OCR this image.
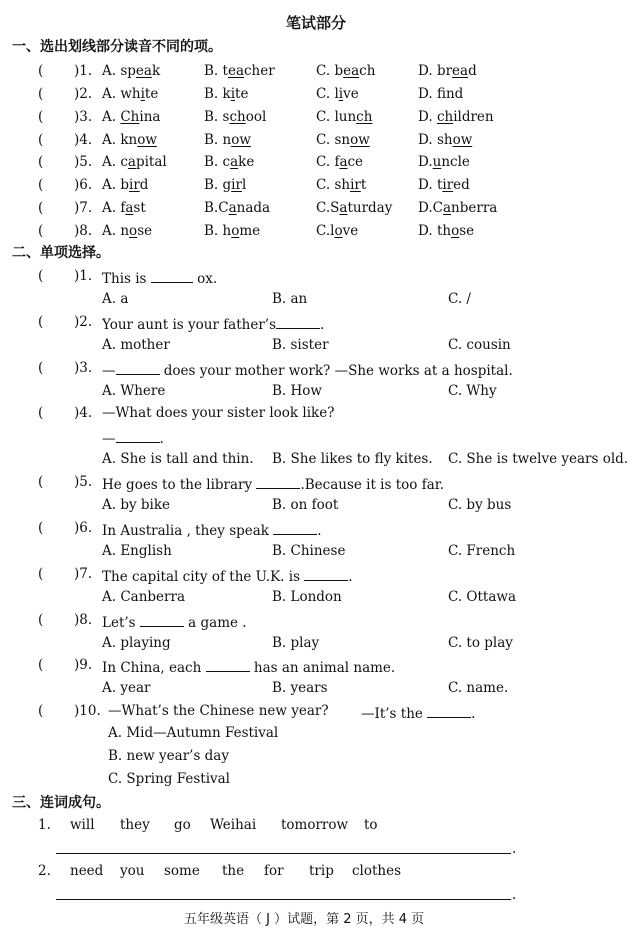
笔试部分
一、选出划线部分读音不同的项。
( )1. A. speak	B. teacher	C. beach	D. bread
( )2. A. white	B. kite	C. live	D. fnd
( )3. A. China	B. school	C. lunch	D. children
( )4. A. know	B. now	C. snow	D. show
( )5. A. capital	B. cake	C. face	D.uncle
( )6. A. bird	B. girl	C. shirt	D. tired
( )7. A. fast	B.Canada	C.Saturday D.Canberra
( )8. A. nose	B. home	C.love	D. those
二、单项选择。
( )1. This is	ox.
A. a	B. an	C. /
( )2. Your aunt is your father’s	.
A. mother	B. sister	C. cousin
( )3. —	does your mother work? —She works at a hospital.
A. Where	B. How	C. Why
( )4. —What does your sister look like?
—	.
A. She is tall and thin. B. She likes to fly kites. C. She is twelve years old.
( )5. He goes to the library	.Because it is too far.
A. by bike	B. on foot	C. by bus
( )6. In Australia , they speak	.
A. English	B. Chinese	C. French
( )7. The capital city of the U.K. is	.
A. Canberra	B. London	C. Ottawa
( )8. Let’s	a game .
A. playing	B. play	C. to play
( )9. In China, each	has an animal name.
A. year	B. years	C. name.
( )10. —What’s the Chinese new year? —It’s the	.
A. Mid—Autumn Festival
B. new year’s day
C. Spring Festival
三、连词成句。
1. will they go Weihai tomorrow to
.
2. need you some the for trip clothes
.
五年级英语（ J ）试题，第 2 页，共 4 页
